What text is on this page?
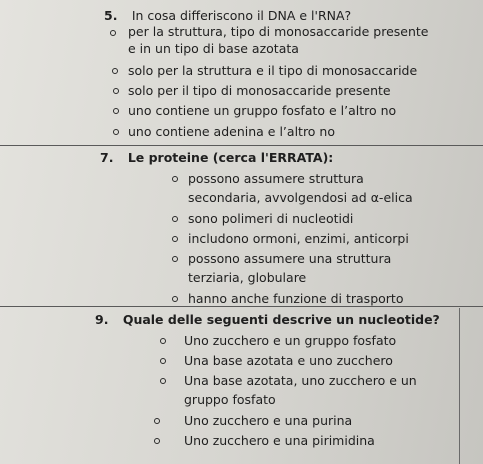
5. In cosa differiscono il DNA e l'RNA?
per la struttura, tipo di monosaccaride presente
e in un tipo di base azotata
solo per la struttura e il tipo di monosaccaride
solo per il tipo di monosaccaride presente
uno contiene un gruppo fosfato e l’altro no
uno contiene adenina e l’altro no
7. Le proteine (cerca l'ERRATA):
possono assumere struttura
secondaria, avvolgendosi ad α-elica
sono polimeri di nucleotidi
includono ormoni, enzimi, anticorpi
possono assumere una struttura
terziaria, globulare
hanno anche funzione di trasporto
9. Quale delle seguenti descrive un nucleotide?
Uno zucchero e un gruppo fosfato
Una base azotata e uno zucchero
Una base azotata, uno zucchero e un
gruppo fosfato
Uno zucchero e una purina
Uno zucchero e una pirimidina
